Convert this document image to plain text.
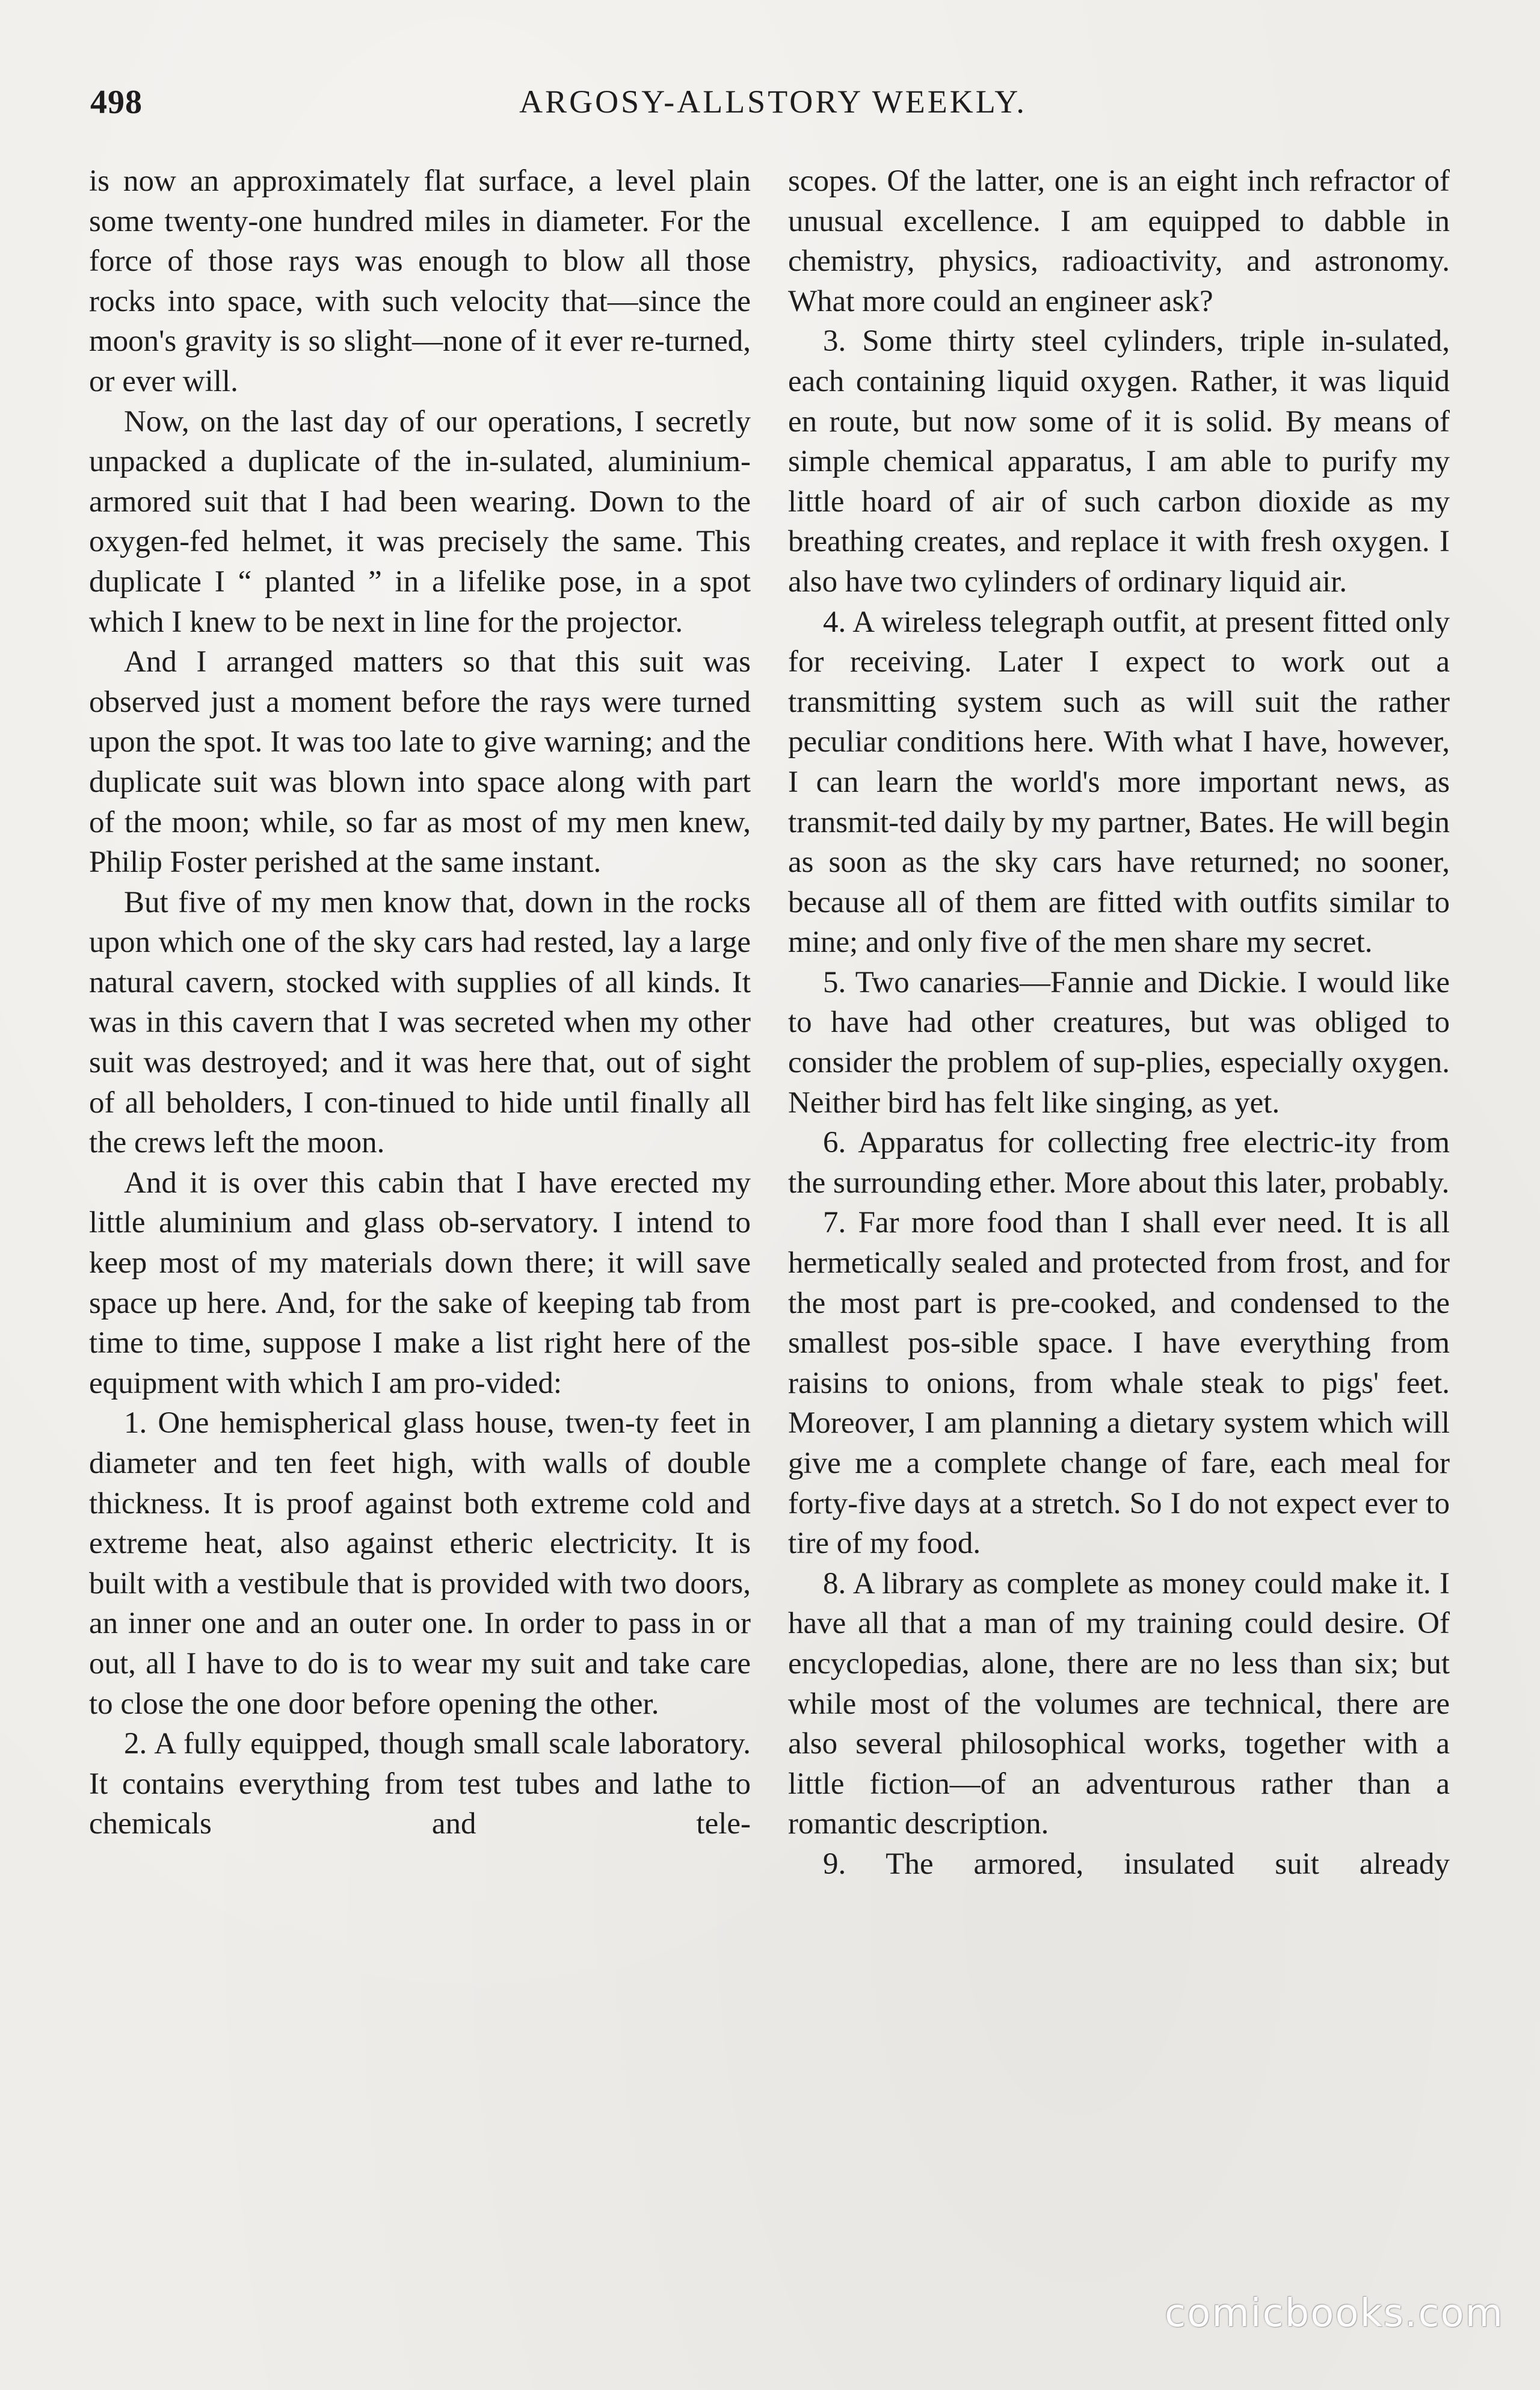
498	ARGOSY-ALLSTORY WEEKLY.

is now an approximately flat surface, a level plain some twenty-one hundred miles in diameter. For the force of those rays was enough to blow all those rocks into space, with such velocity that—since the moon's gravity is so slight—none of it ever re-turned, or ever will.

Now, on the last day of our operations, I secretly unpacked a duplicate of the in-sulated, aluminium-armored suit that I had been wearing. Down to the oxygen-fed helmet, it was precisely the same. This duplicate I “ planted ” in a lifelike pose, in a spot which I knew to be next in line for the projector.

And I arranged matters so that this suit was observed just a moment before the rays were turned upon the spot. It was too late to give warning; and the duplicate suit was blown into space along with part of the moon; while, so far as most of my men knew, Philip Foster perished at the same instant.

But five of my men know that, down in the rocks upon which one of the sky cars had rested, lay a large natural cavern, stocked with supplies of all kinds. It was in this cavern that I was secreted when my other suit was destroyed; and it was here that, out of sight of all beholders, I con-tinued to hide until finally all the crews left the moon.

And it is over this cabin that I have erected my little aluminium and glass ob-servatory. I intend to keep most of my materials down there; it will save space up here. And, for the sake of keeping tab from time to time, suppose I make a list right here of the equipment with which I am pro-vided:

1. One hemispherical glass house, twen-ty feet in diameter and ten feet high, with walls of double thickness. It is proof against both extreme cold and extreme heat, also against etheric electricity. It is built with a vestibule that is provided with two doors, an inner one and an outer one. In order to pass in or out, all I have to do is to wear my suit and take care to close the one door before opening the other.

2. A fully equipped, though small scale laboratory. It contains everything from test tubes and lathe to chemicals and tele-

scopes. Of the latter, one is an eight inch refractor of unusual excellence. I am equipped to dabble in chemistry, physics, radioactivity, and astronomy. What more could an engineer ask?

3. Some thirty steel cylinders, triple in-sulated, each containing liquid oxygen. Rather, it was liquid en route, but now some of it is solid. By means of simple chemical apparatus, I am able to purify my little hoard of air of such carbon dioxide as my breathing creates, and replace it with fresh oxygen. I also have two cylinders of ordinary liquid air.

4. A wireless telegraph outfit, at present fitted only for receiving. Later I expect to work out a transmitting system such as will suit the rather peculiar conditions here. With what I have, however, I can learn the world's more important news, as transmit-ted daily by my partner, Bates. He will begin as soon as the sky cars have returned; no sooner, because all of them are fitted with outfits similar to mine; and only five of the men share my secret.

5. Two canaries—Fannie and Dickie. I would like to have had other creatures, but was obliged to consider the problem of sup-plies, especially oxygen. Neither bird has felt like singing, as yet.

6. Apparatus for collecting free electric-ity from the surrounding ether. More about this later, probably.

7. Far more food than I shall ever need. It is all hermetically sealed and protected from frost, and for the most part is pre-cooked, and condensed to the smallest pos-sible space. I have everything from raisins to onions, from whale steak to pigs' feet. Moreover, I am planning a dietary system which will give me a complete change of fare, each meal for forty-five days at a stretch. So I do not expect ever to tire of my food.

8. A library as complete as money could make it. I have all that a man of my training could desire. Of encyclopedias, alone, there are no less than six; but while most of the volumes are technical, there are also several philosophical works, together with a little fiction—of an adventurous rather than a romantic description.

9. The armored, insulated suit already

comicbooks.com
